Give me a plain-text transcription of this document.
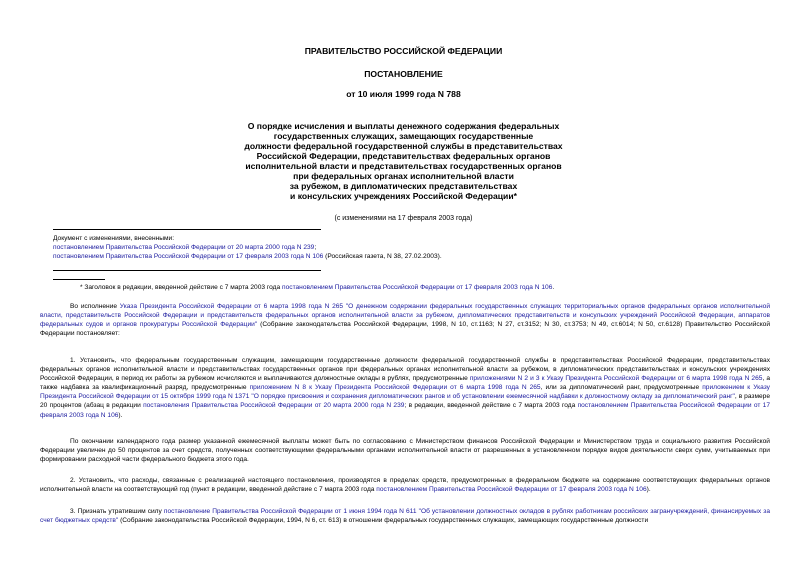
ПРАВИТЕЛЬСТВО РОССИЙСКОЙ ФЕДЕРАЦИИ
ПОСТАНОВЛЕНИЕ
от 10 июля 1999 года N 788
О порядке исчисления и выплаты денежного содержания федеральных
государственных служащих, замещающих государственные
должности федеральной государственной службы в представительствах
Российской Федерации, представительствах федеральных органов
исполнительной власти и представительствах государственных органов
при федеральных органах исполнительной власти
за рубежом, в дипломатических представительствах
и консульских учреждениях Российской Федерации*
(с изменениями на 17 февраля 2003 года)
Документ с изменениями, внесенными:
постановлением Правительства Российской Федерации от 20 марта 2000 года N 239;
постановлением Правительства Российской Федерации от 17 февраля 2003 года N 106 (Российская газета, N 38, 27.02.2003).
* Заголовок в редакции, введенной действие с 7 марта 2003 года постановлением Правительства Российской Федерации от 17 февраля 2003 года N 106.
Во исполнение Указа Президента Российской Федерации от 6 марта 1998 года N 265 "О денежном содержании федеральных государственных служащих территориальных органов федеральных органов исполнительной власти, представительств Российской Федерации и представительств федеральных органов исполнительной власти за рубежом, дипломатических представительств и консульских учреждений Российской Федерации, аппаратов федеральных судов и органов прокуратуры Российской Федерации" (Собрание законодательства Российской Федерации, 1998, N 10, ст.1163; N 27, ст.3152; N 30, ст.3753; N 49, ст.6014; N 50, ст.6128) Правительство Российской Федерации постановляет:
1. Установить, что федеральным государственным служащим, замещающим государственные должности федеральной государственной службы в представительствах Российской Федерации, представительствах федеральных органов исполнительной власти и представительствах государственных органов при федеральных органах исполнительной власти за рубежом, в дипломатических представительствах и консульских учреждениях Российской Федерации, в период их работы за рубежом исчисляются и выплачиваются должностные оклады в рублях, предусмотренные приложениями N 2 и 3 к Указу Президента Российской Федерации от 6 марта 1998 года N 265, а также надбавка за квалификационный разряд, предусмотренные приложением N 8 к Указу Президента Российской Федерации от 6 марта 1998 года N 265, или за дипломатический ранг, предусмотренные приложением к Указу Президента Российской Федерации от 15 октября 1999 года N 1371 "О порядке присвоения и сохранения дипломатических рангов и об установлении ежемесячной надбавки к должностному окладу за дипломатический ранг", в размере 20 процентов (абзац в редакции постановления Правительства Российской Федерации от 20 марта 2000 года N 239; в редакции, введенной действие с 7 марта 2003 года постановлением Правительства Российской Федерации от 17 февраля 2003 года N 106).
По окончании календарного года размер указанной ежемесячной выплаты может быть по согласованию с Министерством финансов Российской Федерации и Министерством труда и социального развития Российской Федерации увеличен до 50 процентов за счет средств, полученных соответствующими федеральными органами исполнительной власти от разрешенных в установленном порядке видов деятельности сверх сумм, учитываемых при формировании расходной части федерального бюджета этого года.
2. Установить, что расходы, связанные с реализацией настоящего постановления, производятся в пределах средств, предусмотренных в федеральном бюджете на содержание соответствующих федеральных органов исполнительной власти на соответствующий год (пункт в редакции, введенной действие с 7 марта 2003 года постановлением Правительства Российской Федерации от 17 февраля 2003 года N 106).
3. Признать утратившим силу постановление Правительства Российской Федерации от 1 июня 1994 года N 611 "Об установлении должностных окладов в рублях работникам российских загранучреждений, финансируемых за счет бюджетных средств" (Собрание законодательства Российской Федерации, 1994, N 6, ст. 613) в отношении федеральных государственных служащих, замещающих государственные должности
